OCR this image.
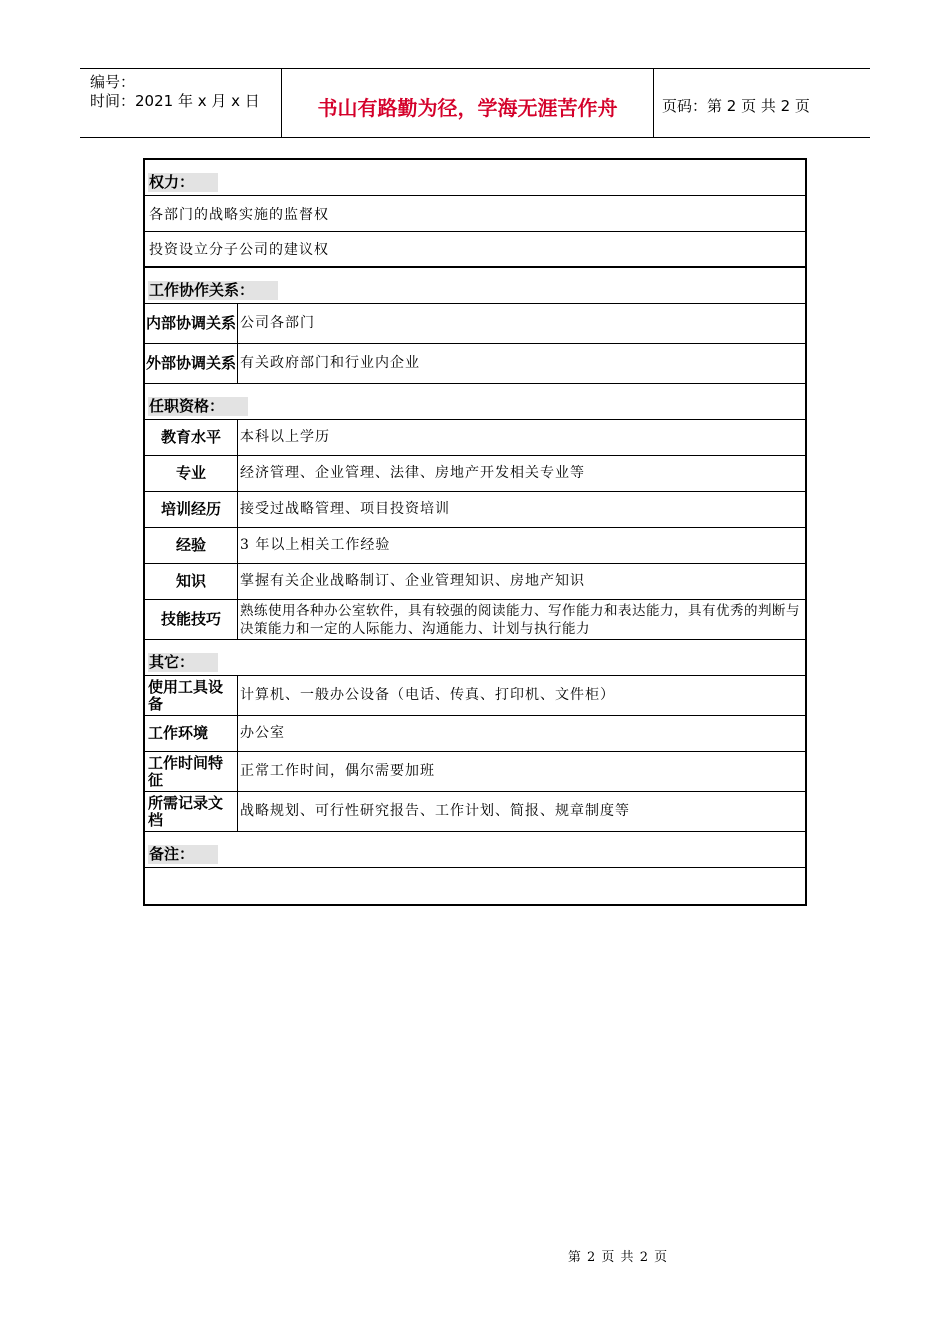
编号：
时间：2021 年 x 月 x 日	书山有路勤为径，学海无涯苦作舟	页码：第 2 页 共 2 页
权力：
各部门的战略实施的监督权
投资设立分子公司的建议权
工作协作关系：
内部协调关系 公司各部门
外部协调关系 有关政府部门和行业内企业
任职资格：
教育水平	本科以上学历
专业	经济管理、企业管理、法律、房地产开发相关专业等
培训经历	接受过战略管理、项目投资培训
经验	3 年以上相关工作经验
知识	掌握有关企业战略制订、企业管理知识、房地产知识
技能技巧	熟练使用各种办公室软件，具有较强的阅读能力、写作能力和表达能力，具有优秀的判断与决策能力和一定的人际能力、沟通能力、计划与执行能力
其它：
使用工具设备	计算机、一般办公设备（电话、传真、打印机、文件柜）
工作环境	办公室
工作时间特征	正常工作时间，偶尔需要加班
所需记录文档	战略规划、可行性研究报告、工作计划、简报、规章制度等
备注：
第 2 页 共 2 页
